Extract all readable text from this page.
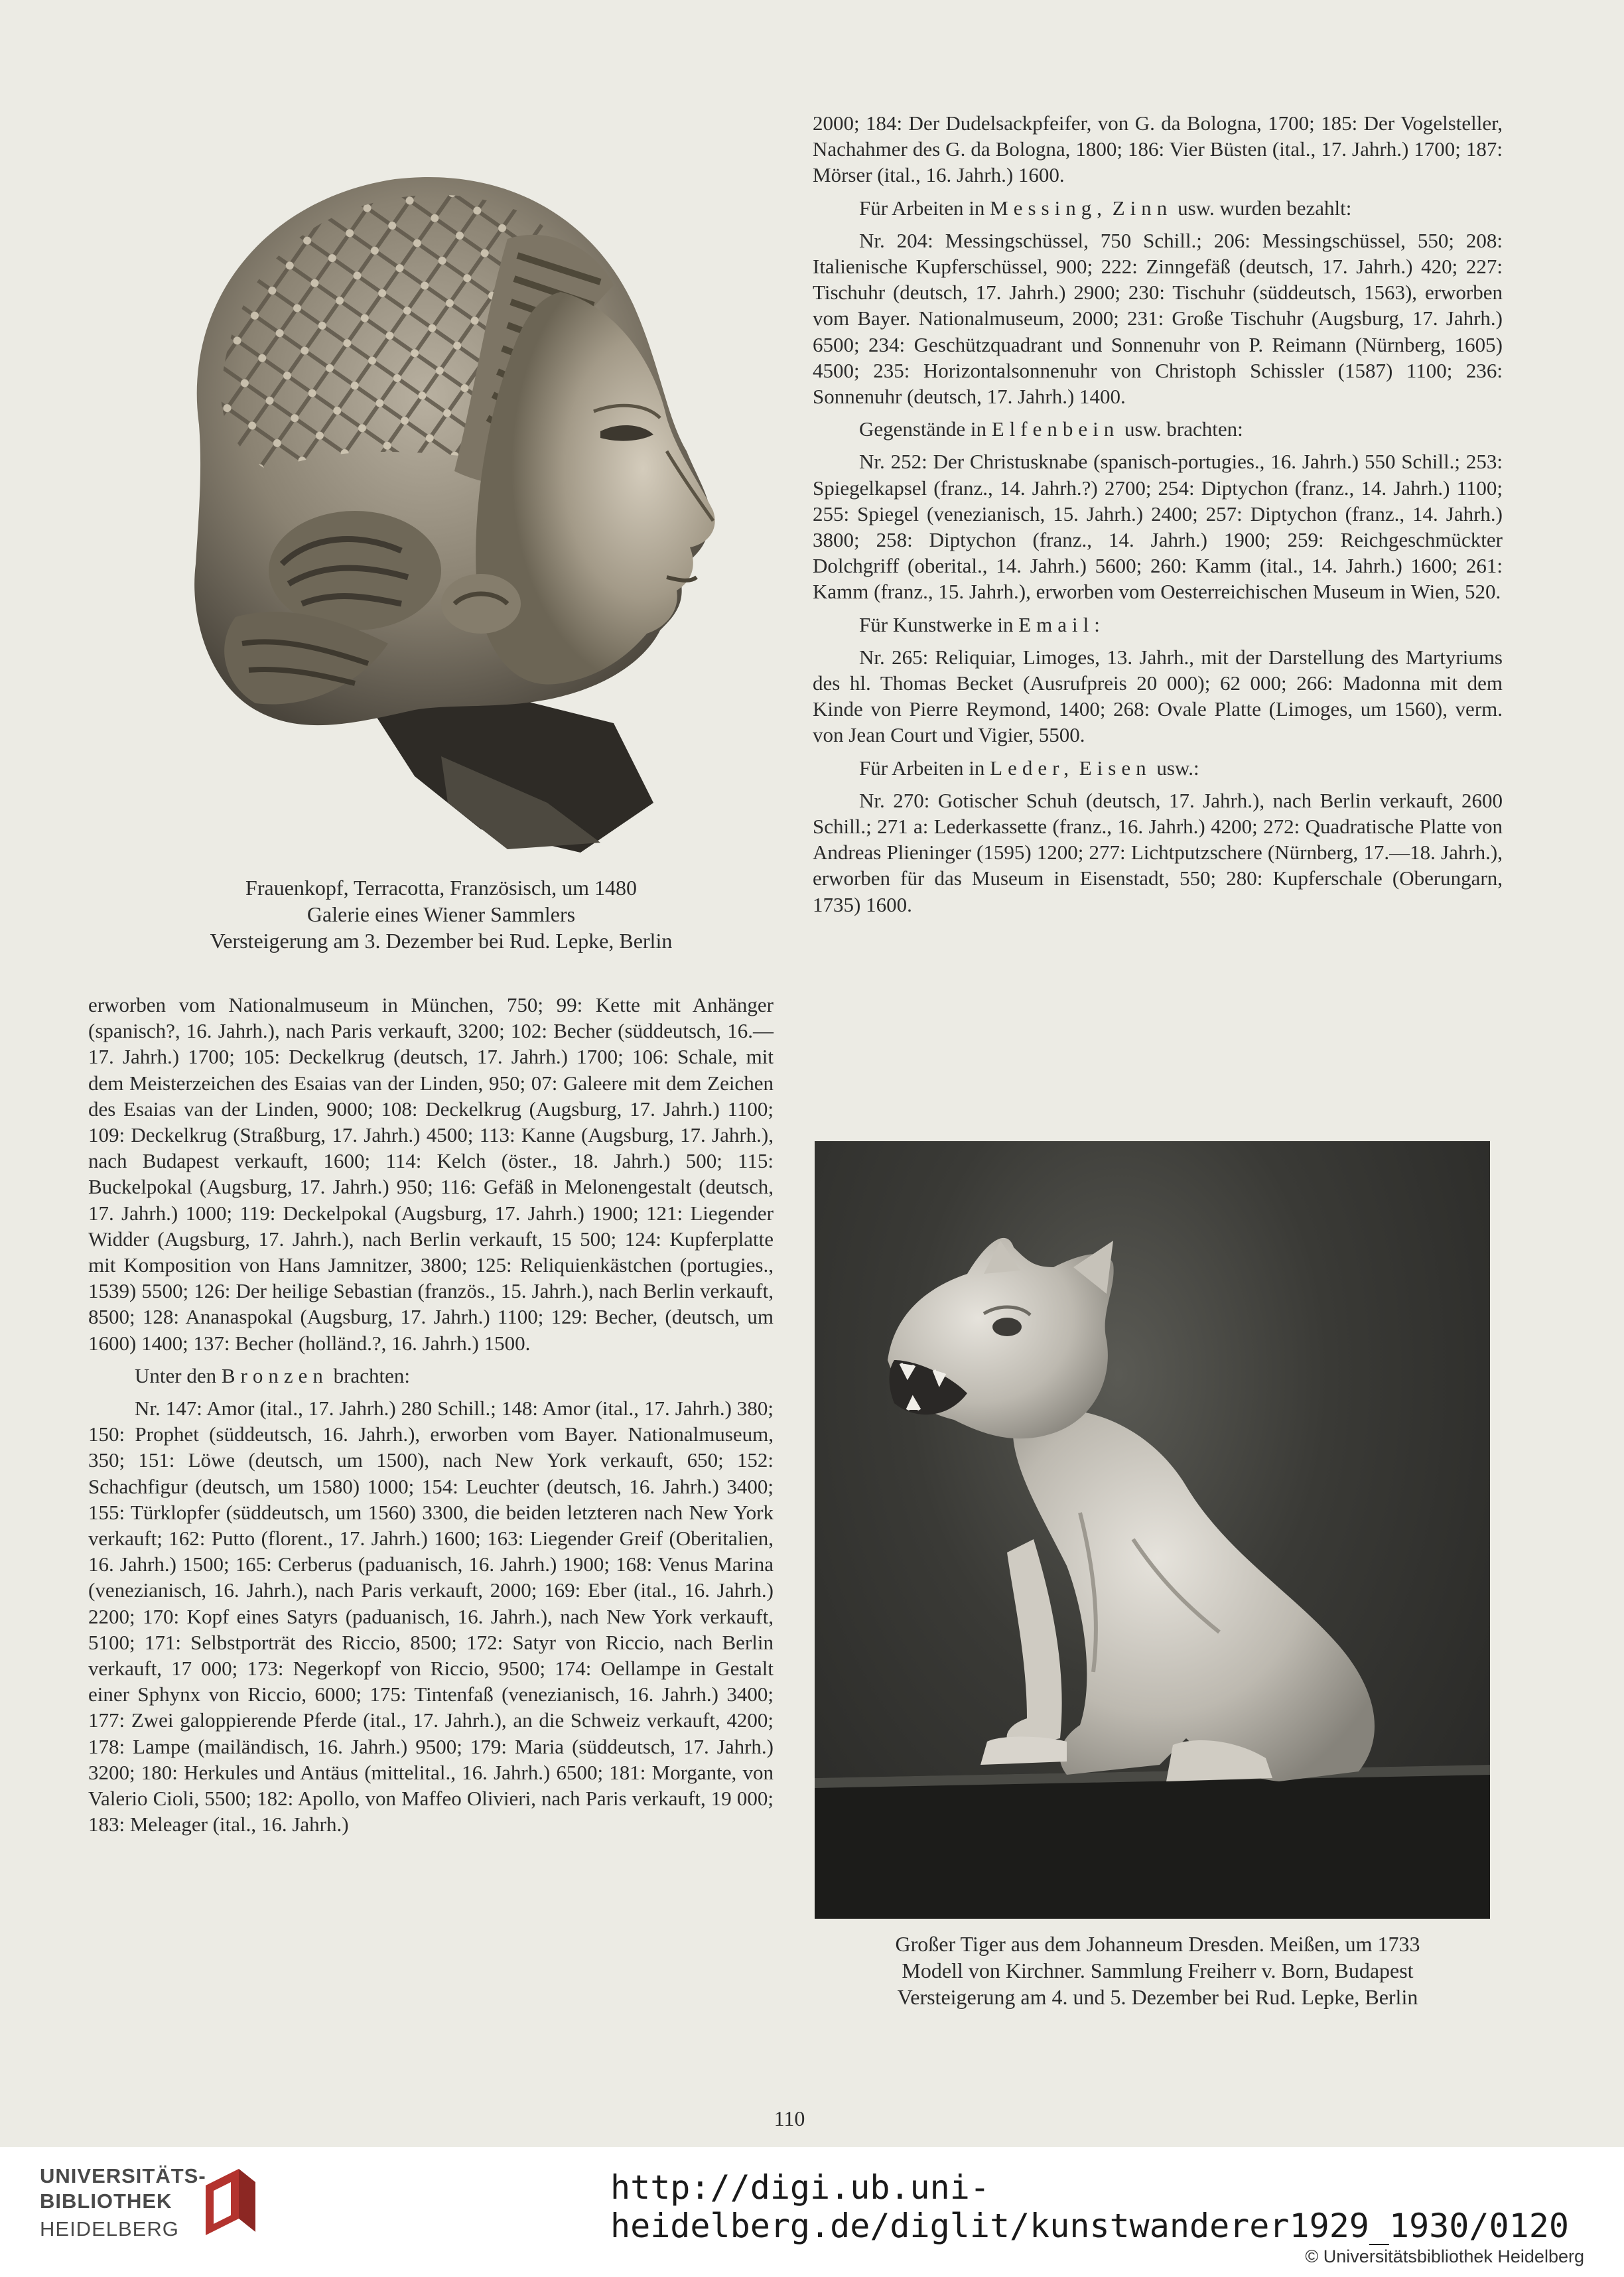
Frauenkopf, Terracotta, Französisch, um 1480
Galerie eines Wiener Sammlers
Versteigerung am 3. Dezember bei Rud. Lepke, Berlin

erworben vom Nationalmuseum in München, 750; 99: Kette mit Anhänger (spanisch?, 16. Jahrh.), nach Paris verkauft, 3200; 102: Becher (süddeutsch, 16.—17. Jahrh.) 1700; 105: Deckelkrug (deutsch, 17. Jahrh.) 1700; 106: Schale, mit dem Meisterzeichen des Esaias van der Linden, 950; 07: Galeere mit dem Zeichen des Esaias van der Linden, 9000; 108: Deckelkrug (Augsburg, 17. Jahrh.) 1100; 109: Deckelkrug (Straßburg, 17. Jahrh.) 4500; 113: Kanne (Augsburg, 17. Jahrh.), nach Budapest verkauft, 1600; 114: Kelch (öster., 18. Jahrh.) 500; 115: Buckelpokal (Augsburg, 17. Jahrh.) 950; 116: Gefäß in Melonengestalt (deutsch, 17. Jahrh.) 1000; 119: Deckelpokal (Augsburg, 17. Jahrh.) 1900; 121: Liegender Widder (Augsburg, 17. Jahrh.), nach Berlin verkauft, 15 500; 124: Kupferplatte mit Komposition von Hans Jamnitzer, 3800; 125: Reliquienkästchen (portugies., 1539) 5500; 126: Der heilige Sebastian (französ., 15. Jahrh.), nach Berlin verkauft, 8500; 128: Ananaspokal (Augsburg, 17. Jahrh.) 1100; 129: Becher, (deutsch, um 1600) 1400; 137: Becher (holländ.?, 16. Jahrh.) 1500.

Unter den Bronzen brachten:

Nr. 147: Amor (ital., 17. Jahrh.) 280 Schill.; 148: Amor (ital., 17. Jahrh.) 380; 150: Prophet (süddeutsch, 16. Jahrh.), erworben vom Bayer. Nationalmuseum, 350; 151: Löwe (deutsch, um 1500), nach New York verkauft, 650; 152: Schachfigur (deutsch, um 1580) 1000; 154: Leuchter (deutsch, 16. Jahrh.) 3400; 155: Türklopfer (süddeutsch, um 1560) 3300, die beiden letzteren nach New York verkauft; 162: Putto (florent., 17. Jahrh.) 1600; 163: Liegender Greif (Oberitalien, 16. Jahrh.) 1500; 165: Cerberus (paduanisch, 16. Jahrh.) 1900; 168: Venus Marina (venezianisch, 16. Jahrh.), nach Paris verkauft, 2000; 169: Eber (ital., 16. Jahrh.) 2200; 170: Kopf eines Satyrs (paduanisch, 16. Jahrh.), nach New York verkauft, 5100; 171: Selbstporträt des Riccio, 8500; 172: Satyr von Riccio, nach Berlin verkauft, 17 000; 173: Negerkopf von Riccio, 9500; 174: Oellampe in Gestalt einer Sphynx von Riccio, 6000; 175: Tintenfaß (venezianisch, 16. Jahrh.) 3400; 177: Zwei galoppierende Pferde (ital., 17. Jahrh.), an die Schweiz verkauft, 4200; 178: Lampe (mailändisch, 16. Jahrh.) 9500; 179: Maria (süddeutsch, 17. Jahrh.) 3200; 180: Herkules und Antäus (mittelital., 16. Jahrh.) 6500; 181: Morgante, von Valerio Cioli, 5500; 182: Apollo, von Maffeo Olivieri, nach Paris verkauft, 19 000; 183: Meleager (ital., 16. Jahrh.)

2000; 184: Der Dudelsackpfeifer, von G. da Bologna, 1700; 185: Der Vogelsteller, Nachahmer des G. da Bologna, 1800; 186: Vier Büsten (ital., 17. Jahrh.) 1700; 187: Mörser (ital., 16. Jahrh.) 1600.

Für Arbeiten in Messing, Zinn usw. wurden bezahlt:

Nr. 204: Messingschüssel, 750 Schill.; 206: Messingschüssel, 550; 208: Italienische Kupferschüssel, 900; 222: Zinngefäß (deutsch, 17. Jahrh.) 420; 227: Tischuhr (deutsch, 17. Jahrh.) 2900; 230: Tischuhr (süddeutsch, 1563), erworben vom Bayer. Nationalmuseum, 2000; 231: Große Tischuhr (Augsburg, 17. Jahrh.) 6500; 234: Geschützquadrant und Sonnenuhr von P. Reimann (Nürnberg, 1605) 4500; 235: Horizontalsonnenuhr von Christoph Schissler (1587) 1100; 236: Sonnenuhr (deutsch, 17. Jahrh.) 1400.

Gegenstände in Elfenbein usw. brachten:

Nr. 252: Der Christusknabe (spanisch-portugies., 16. Jahrh.) 550 Schill.; 253: Spiegelkapsel (franz., 14. Jahrh.?) 2700; 254: Diptychon (franz., 14. Jahrh.) 1100; 255: Spiegel (venezianisch, 15. Jahrh.) 2400; 257: Diptychon (franz., 14. Jahrh.) 3800; 258: Diptychon (franz., 14. Jahrh.) 1900; 259: Reichgeschmückter Dolchgriff (oberital., 14. Jahrh.) 5600; 260: Kamm (ital., 14. Jahrh.) 1600; 261: Kamm (franz., 15. Jahrh.), erworben vom Oesterreichischen Museum in Wien, 520.

Für Kunstwerke in Email:

Nr. 265: Reliquiar, Limoges, 13. Jahrh., mit der Darstellung des Martyriums des hl. Thomas Becket (Ausrufpreis 20 000); 62 000; 266: Madonna mit dem Kinde von Pierre Reymond, 1400; 268: Ovale Platte (Limoges, um 1560), verm. von Jean Court und Vigier, 5500.

Für Arbeiten in Leder, Eisen usw.:

Nr. 270: Gotischer Schuh (deutsch, 17. Jahrh.), nach Berlin verkauft, 2600 Schill.; 271 a: Lederkassette (franz., 16. Jahrh.) 4200; 272: Quadratische Platte von Andreas Plieninger (1595) 1200; 277: Lichtputzschere (Nürnberg, 17.—18. Jahrh.), erworben für das Museum in Eisenstadt, 550; 280: Kupferschale (Oberungarn, 1735) 1600.

Großer Tiger aus dem Johanneum Dresden. Meißen, um 1733
Modell von Kirchner. Sammlung Freiherr v. Born, Budapest
Versteigerung am 4. und 5. Dezember bei Rud. Lepke, Berlin
110
UNIVERSITÄTS-
BIBLIOTHEK
HEIDELBERG
http://digi.ub.uni-heidelberg.de/diglit/kunstwanderer1929_1930/0120
© Universitätsbibliothek Heidelberg
